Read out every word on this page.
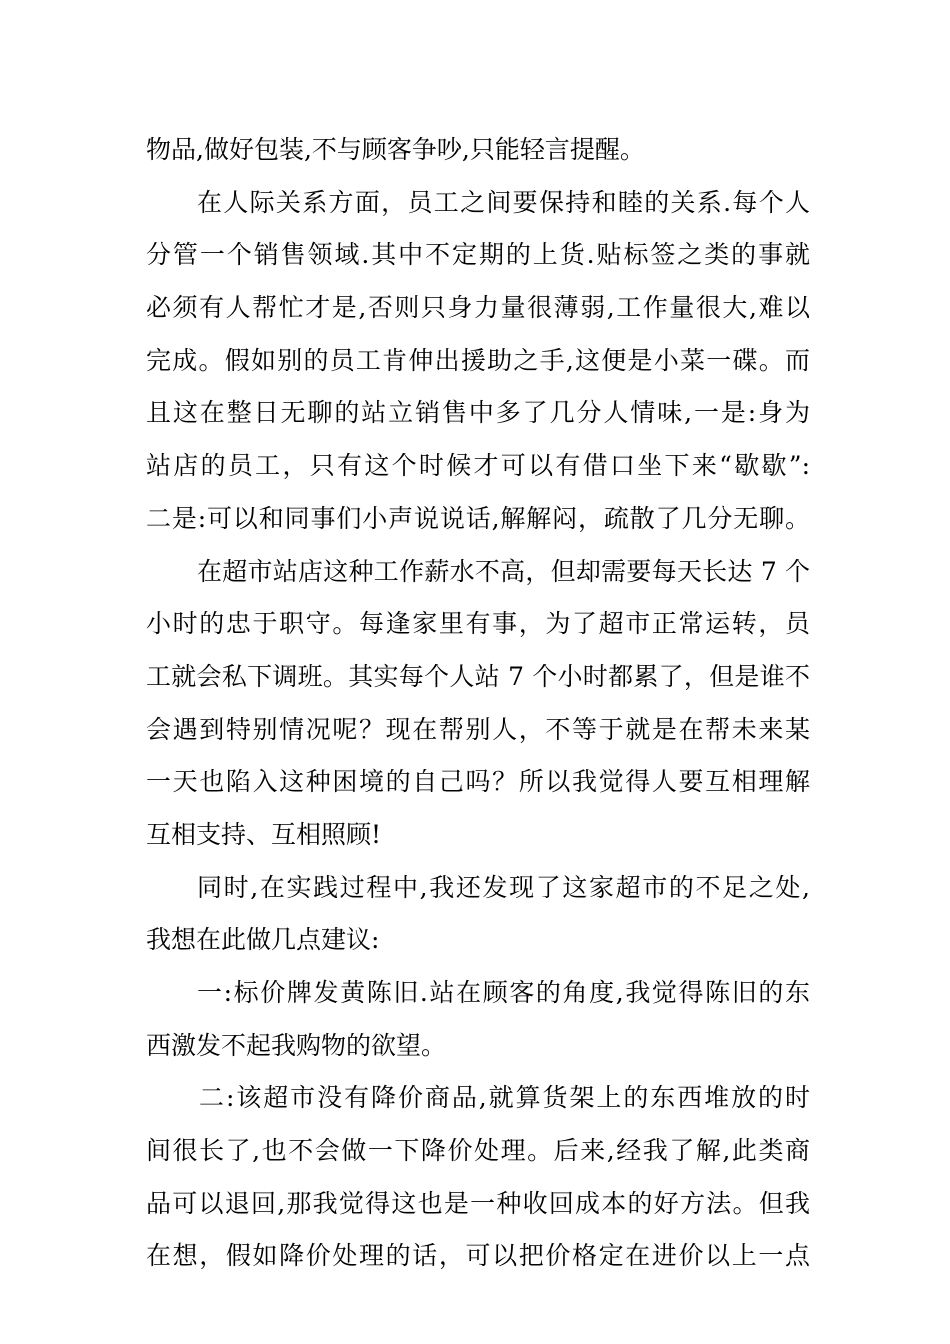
物品,做好包装,不与顾客争吵,只能轻言提醒。
在人际关系方面，员工之间要保持和睦的关系.每个人
分管一个销售领域.其中不定期的上货.贴标签之类的事就
必须有人帮忙才是,否则只身力量很薄弱,工作量很大,难以
完成。假如别的员工肯伸出援助之手,这便是小菜一碟。而
且这在整日无聊的站立销售中多了几分人情味,一是:身为
站店的员工，只有这个时候才可以有借口坐下来“歇歇”:
二是:可以和同事们小声说说话,解解闷，疏散了几分无聊。
在超市站店这种工作薪水不高，但却需要每天长达 7 个
小时的忠于职守。每逢家里有事，为了超市正常运转，员
工就会私下调班。其实每个人站 7 个小时都累了，但是谁不
会遇到特别情况呢？现在帮别人，不等于就是在帮未来某
一天也陷入这种困境的自己吗？所以我觉得人要互相理解
互相支持、互相照顾!
同时,在实践过程中,我还发现了这家超市的不足之处,
我想在此做几点建议:
一:标价牌发黄陈旧.站在顾客的角度,我觉得陈旧的东
西激发不起我购物的欲望。
二:该超市没有降价商品,就算货架上的东西堆放的时
间很长了,也不会做一下降价处理。后来,经我了解,此类商
品可以退回,那我觉得这也是一种收回成本的好方法。但我
在想，假如降价处理的话，可以把价格定在进价以上一点
